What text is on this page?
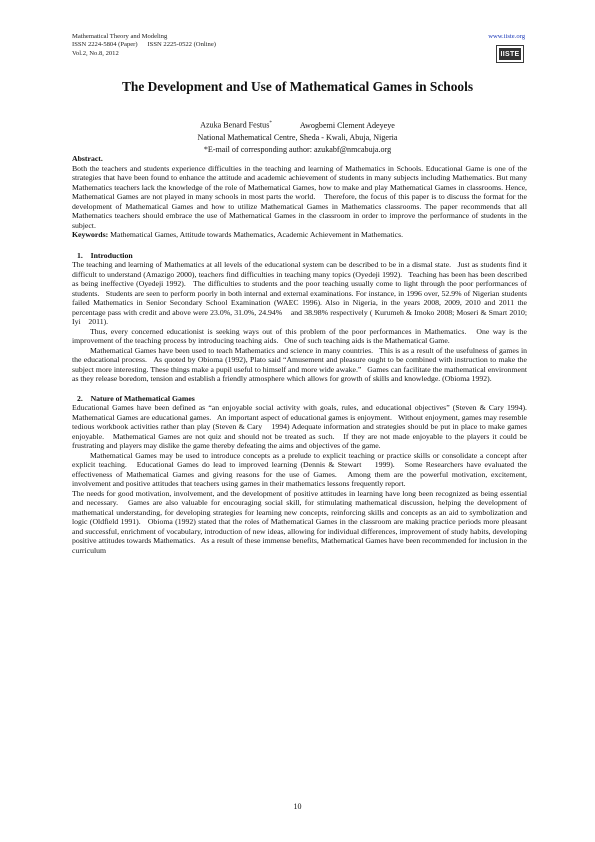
Mathematical Theory and Modeling
ISSN 2224-5804 (Paper)      ISSN 2225-0522 (Online)
Vol.2, No.8, 2012
www.iiste.org
IISTE
The Development and Use of Mathematical Games in Schools
Azuka Benard Festus*	Awogbemi Clement Adeyeye
National Mathematical Centre, Sheda - Kwali, Abuja, Nigeria
*E-mail of corresponding author: azukabf@nmcabuja.org

Abstract.

Both the teachers and students experience difficulties in the teaching and learning of Mathematics in Schools. Educational Game is one of the strategies that have been found to enhance the attitude and academic achievement of students in many subjects including Mathematics. But many Mathematics teachers lack the knowledge of the role of Mathematical Games, how to make and play Mathematical Games in classrooms. Hence, Mathematical Games are not played in many schools in most parts the world.    Therefore, the focus of this paper is to discuss the format for the development of Mathematical Games and how to utilize Mathematical Games in Mathematics classrooms. The paper recommends that all Mathematics teachers should embrace the use of Mathematical Games in the classroom in order to improve the performance of students in the subject.

Keywords: Mathematical Games, Attitude towards Mathematics, Academic Achievement in Mathematics.

1.    Introduction

The teaching and learning of Mathematics at all levels of the educational system can be described to be in a dismal state.   Just as students find it difficult to understand (Amazigo 2000), teachers find difficulties in teaching many topics (Oyedeji 1992).   Teaching has been has been described as being ineffective (Oyedeji 1992).   The difficulties to students and the poor teaching usually come to light through the poor performances of students.   Students are seen to perform poorly in both internal and external examinations. For instance, in 1996 over, 52.9% of Nigerian students failed Mathematics in Senior Secondary School Examination (WAEC 1996). Also in Nigeria, in the years 2008, 2009, 2010 and 2011 the percentage pass with credit and above were 23.0%, 31.0%, 24.94%    and 38.98% respectively ( Kurumeh & Imoko 2008; Moseri & Smart 2010; Iyi    2011).

Thus, every concerned educationist is seeking ways out of this problem of the poor performances in Mathematics.   One way is the improvement of the teaching process by introducing teaching aids.   One of such teaching aids is the Mathematical Game.

Mathematical Games have been used to teach Mathematics and science in many countries.   This is as a result of the usefulness of games in the educational process.   As quoted by Obioma (1992), Plato said “Amusement and pleasure ought to be combined with instruction to make the subject more interesting. These things make a pupil useful to himself and more wide awake.”   Games can facilitate the mathematical environment as they release boredom, tension and establish a friendly atmosphere which allows for growth of skills and knowledge. (Obioma 1992).

2.    Nature of Mathematical Games

Educational Games have been defined as “an enjoyable social activity with goals, rules, and educational objectives” (Steven & Cary 1994). Mathematical Games are educational games.   An important aspect of educational games is enjoyment.   Without enjoyment, games may resemble tedious workbook activities rather than play (Steven & Cary    1994) Adequate information and strategies should be put in place to make games enjoyable.   Mathematical Games are not quiz and should not be treated as such.   If they are not made enjoyable to the players it could be frustrating and players may dislike the game thereby defeating the aims and objectives of the game.

Mathematical Games may be used to introduce concepts as a prelude to explicit teaching or practice skills or consolidate a concept after explicit teaching.   Educational Games do lead to improved learning (Dennis & Stewart    1999).   Some Researchers have evaluated the effectiveness of Mathematical Games and giving reasons for the use of Games.   Among them are the powerful motivation, excitement, involvement and positive attitudes that teachers using games in their mathematics lessons frequently report.

The needs for good motivation, involvement, and the development of positive attitudes in learning have long been recognized as being essential and necessary.   Games are also valuable for encouraging social skill, for stimulating mathematical discussion, helping the development of mathematical understanding, for developing strategies for learning new concepts, reinforcing skills and concepts as an aid to symbolization and logic (Oldfield 1991).   Obioma (1992) stated that the roles of Mathematical Games in the classroom are making practice periods more pleasant and successful, enrichment of vocabulary, introduction of new ideas, allowing for individual differences, improvement of study habits, developing positive attitudes towards Mathematics.   As a result of these immense benefits, Mathematical Games have been recommended for inclusion in the curriculum

10
